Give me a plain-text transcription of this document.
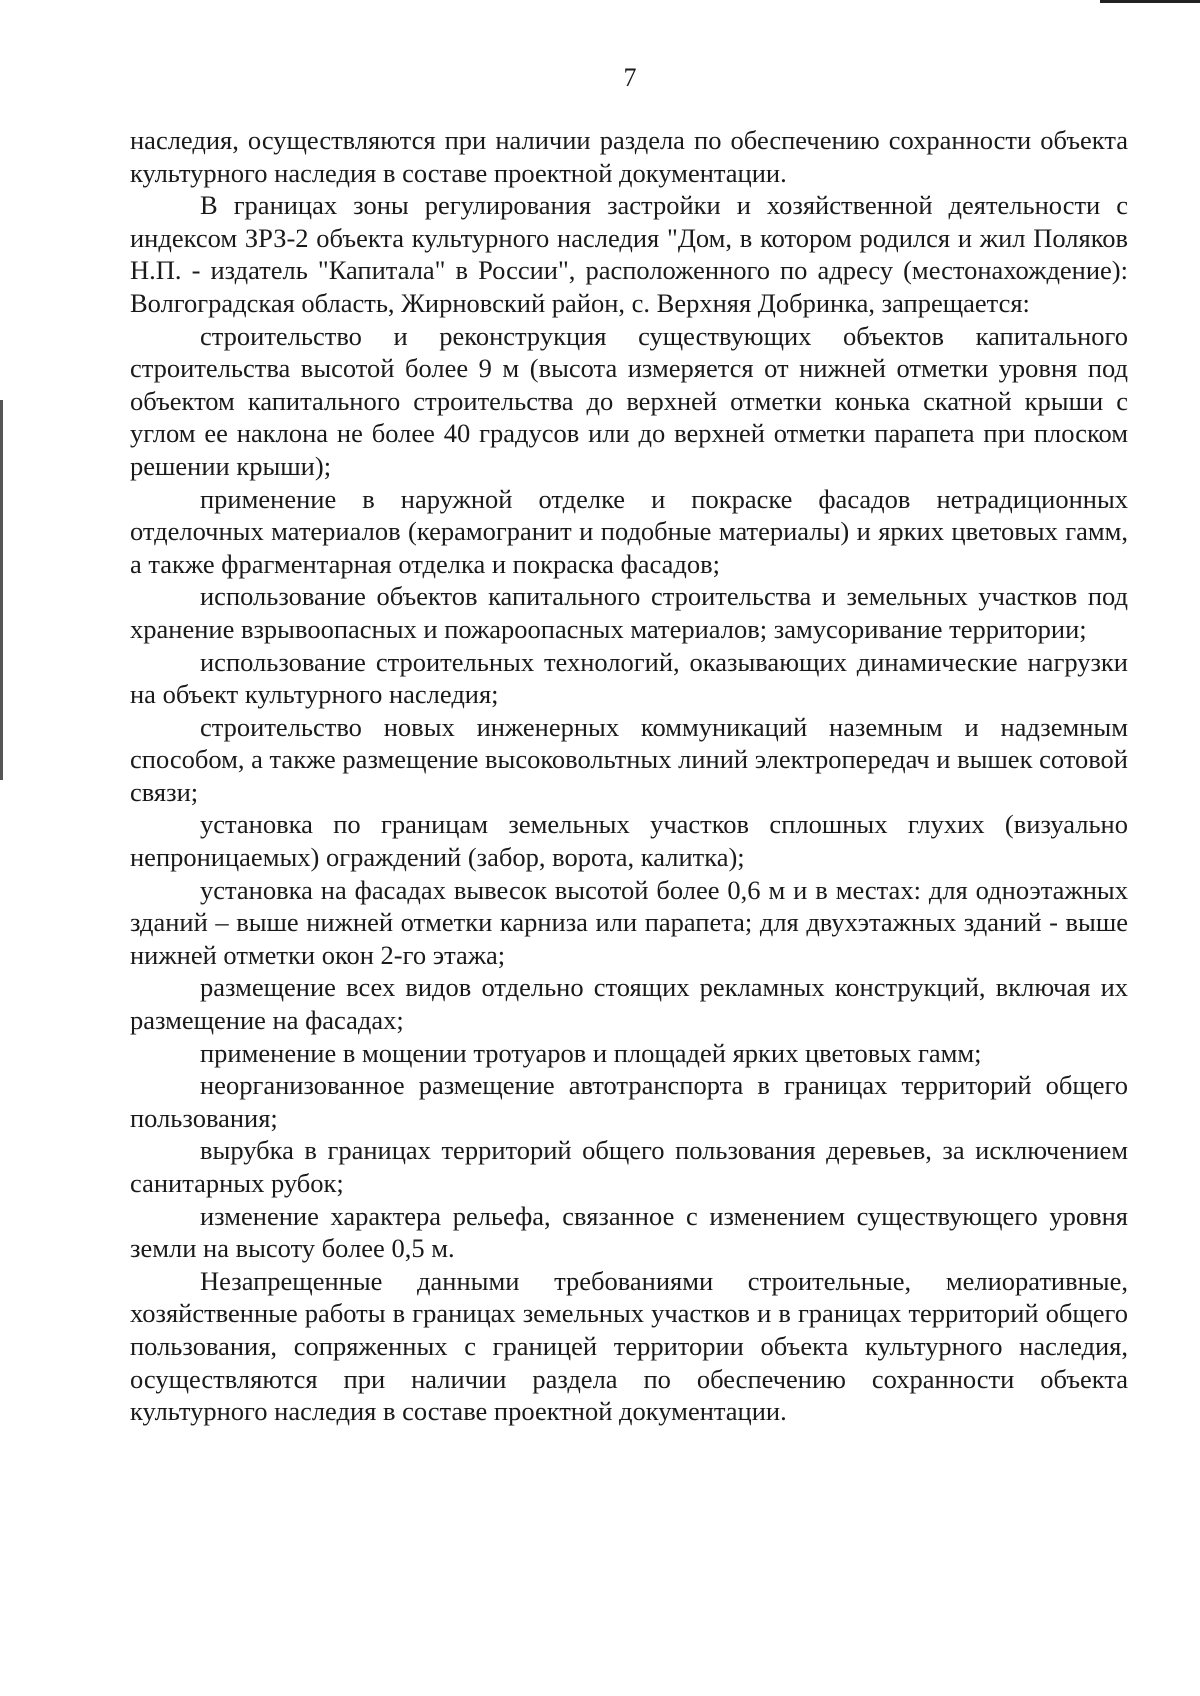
7

наследия, осуществляются при наличии раздела по обеспечению сохранности объекта культурного наследия в составе проектной документации.

В границах зоны регулирования застройки и хозяйственной деятельности с индексом ЗРЗ-2 объекта культурного наследия "Дом, в котором родился и жил Поляков Н.П. - издатель "Капитала" в России", расположенного по адресу (местонахождение): Волгоградская область, Жирновский район, с. Верхняя Добринка, запрещается:

строительство и реконструкция существующих объектов капитального строительства высотой более 9 м (высота измеряется от нижней отметки уровня под объектом капитального строительства до верхней отметки конька скатной крыши с углом ее наклона не более 40 градусов или до верхней отметки парапета при плоском решении крыши);

применение в наружной отделке и покраске фасадов нетрадиционных отделочных материалов (керамогранит и подобные материалы) и ярких цветовых гамм, а также фрагментарная отделка и покраска фасадов;

использование объектов капитального строительства и земельных участков под хранение взрывоопасных и пожароопасных материалов; замусоривание территории;

использование строительных технологий, оказывающих динамические нагрузки на объект культурного наследия;

строительство новых инженерных коммуникаций наземным и надземным способом, а также размещение высоковольтных линий электропередач и вышек сотовой связи;

установка по границам земельных участков сплошных глухих (визуально непроницаемых) ограждений (забор, ворота, калитка);

установка на фасадах вывесок высотой более 0,6 м и в местах: для одноэтажных зданий – выше нижней отметки карниза или парапета; для двухэтажных зданий - выше нижней отметки окон 2-го этажа;

размещение всех видов отдельно стоящих рекламных конструкций, включая их размещение на фасадах;

применение в мощении тротуаров и площадей ярких цветовых гамм;

неорганизованное размещение автотранспорта в границах территорий общего пользования;

вырубка в границах территорий общего пользования деревьев, за исключением санитарных рубок;

изменение характера рельефа, связанное с изменением существующего уровня земли на высоту более 0,5 м.

Незапрещенные данными требованиями строительные, мелиоративные, хозяйственные работы в границах земельных участков и в границах территорий общего пользования, сопряженных с границей территории объекта культурного наследия, осуществляются при наличии раздела по обеспечению сохранности объекта культурного наследия в составе проектной документации.
